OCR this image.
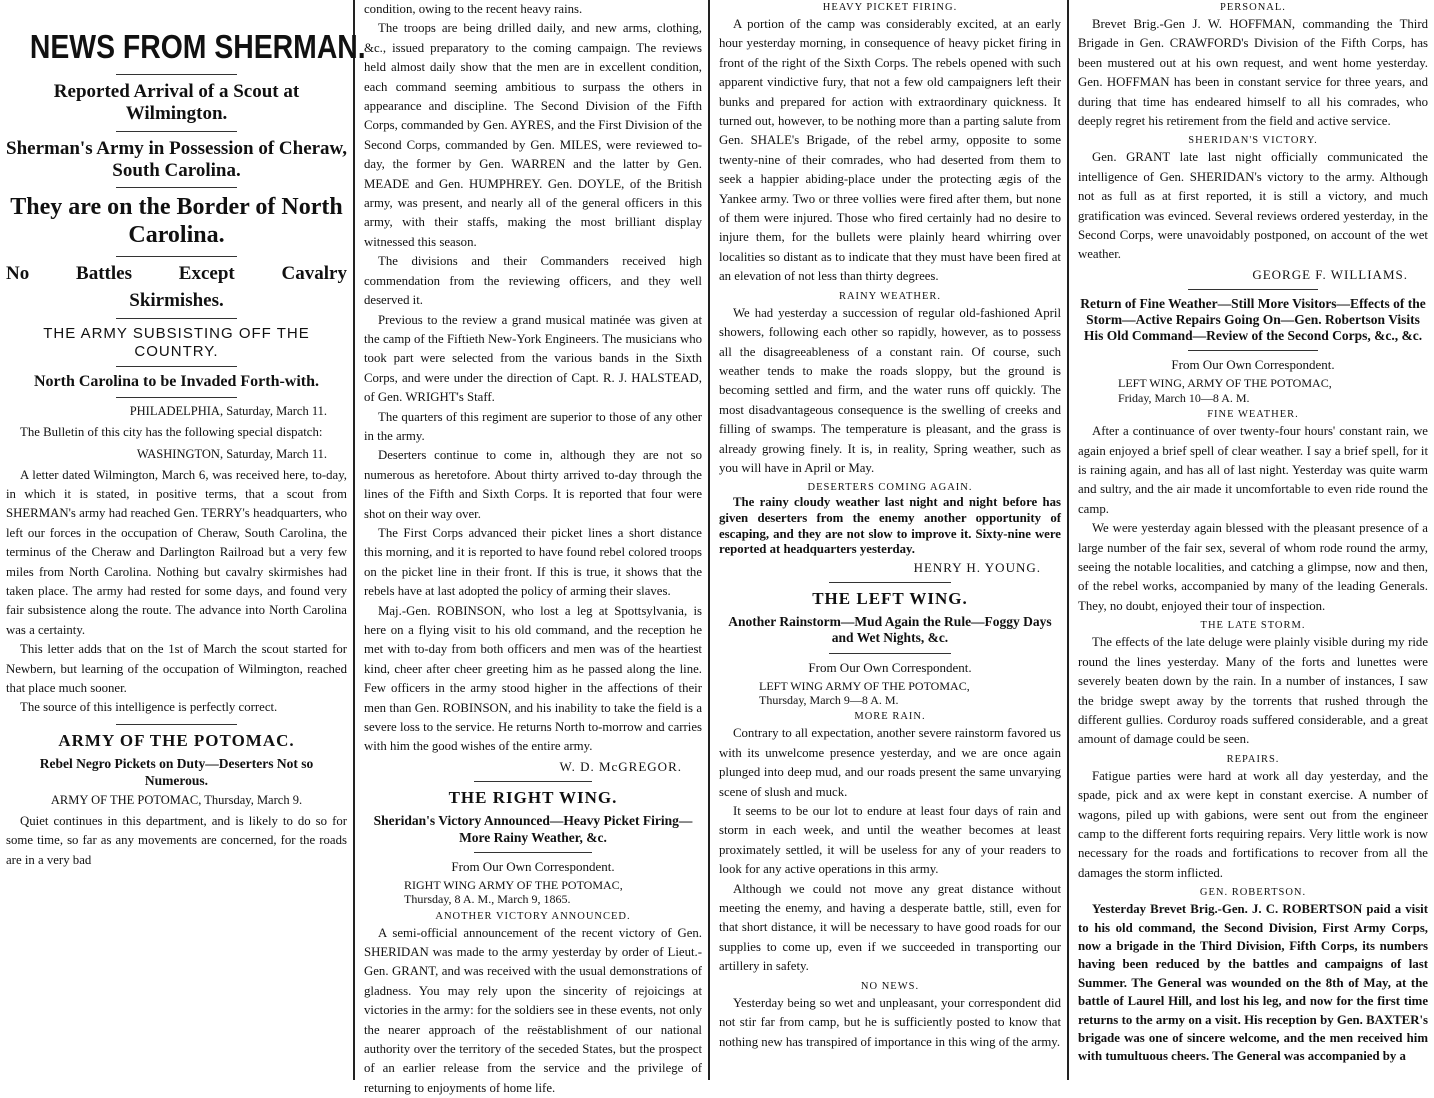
NEWS FROM SHERMAN.
Reported Arrival of a Scout at Wilmington.
Sherman's Army in Possession of Cheraw, South Carolina.
They are on the Border of North Carolina.
No Battles Except Cavalry
Skirmishes.
THE ARMY SUBSISTING OFF THE COUNTRY.
North Carolina to be Invaded Forth-with.
PHILADELPHIA, Saturday, March 11.

The Bulletin of this city has the following special dispatch:

WASHINGTON, Saturday, March 11.

A letter dated Wilmington, March 6, was received here, to-day, in which it is stated, in positive terms, that a scout from SHERMAN's army had reached Gen. TERRY's headquarters, who left our forces in the occupation of Cheraw, South Carolina, the terminus of the Cheraw and Darlington Railroad but a very few miles from North Carolina. Nothing but cavalry skirmishes had taken place. The army had rested for some days, and found very fair subsistence along the route. The advance into North Carolina was a certainty.

This letter adds that on the 1st of March the scout started for Newbern, but learning of the occupation of Wilmington, reached that place much sooner.

The source of this intelligence is perfectly correct.

ARMY OF THE POTOMAC.
Rebel Negro Pickets on Duty—Deserters Not so Numerous.
ARMY OF THE POTOMAC, Thursday, March 9.

Quiet continues in this department, and is likely to do so for some time, so far as any movements are concerned, for the roads are in a very bad

condition, owing to the recent heavy rains.

The troops are being drilled daily, and new arms, clothing, &c., issued preparatory to the coming campaign. The reviews held almost daily show that the men are in excellent condition, each command seeming ambitious to surpass the others in appearance and discipline. The Second Division of the Fifth Corps, commanded by Gen. AYRES, and the First Division of the Second Corps, commanded by Gen. MILES, were reviewed to-day, the former by Gen. WARREN and the latter by Gen. MEADE and Gen. HUMPHREY. Gen. DOYLE, of the British army, was present, and nearly all of the general officers in this army, with their staffs, making the most brilliant display witnessed this season.

The divisions and their Commanders received high commendation from the reviewing officers, and they well deserved it.

Previous to the review a grand musical matinée was given at the camp of the Fiftieth New-York Engineers. The musicians who took part were selected from the various bands in the Sixth Corps, and were under the direction of Capt. R. J. HALSTEAD, of Gen. WRIGHT's Staff.

The quarters of this regiment are superior to those of any other in the army.

Deserters continue to come in, although they are not so numerous as heretofore. About thirty arrived to-day through the lines of the Fifth and Sixth Corps. It is reported that four were shot on their way over.

The First Corps advanced their picket lines a short distance this morning, and it is reported to have found rebel colored troops on the picket line in their front. If this is true, it shows that the rebels have at last adopted the policy of arming their slaves.

Maj.-Gen. ROBINSON, who lost a leg at Spottsylvania, is here on a flying visit to his old command, and the reception he met with to-day from both officers and men was of the heartiest kind, cheer after cheer greeting him as he passed along the line. Few officers in the army stood higher in the affections of their men than Gen. ROBINSON, and his inability to take the field is a severe loss to the service. He returns North to-morrow and carries with him the good wishes of the entire army.

W. D. McGREGOR.
THE RIGHT WING.
Sheridan's Victory Announced—Heavy Picket Firing—More Rainy Weather, &c.
From Our Own Correspondent.
RIGHT WING ARMY OF THE POTOMAC,
Thursday, 8 A. M., March 9, 1865.
ANOTHER VICTORY ANNOUNCED.

A semi-official announcement of the recent victory of Gen. SHERIDAN was made to the army yesterday by order of Lieut.-Gen. GRANT, and was received with the usual demonstrations of gladness. You may rely upon the sincerity of rejoicings at victories in the army: for the soldiers see in these events, not only the nearer approach of the reëstablishment of our national authority over the territory of the seceded States, but the prospect of an earlier release from the service and the privilege of returning to enjoyments of home life.

HEAVY PICKET FIRING.

A portion of the camp was considerably excited, at an early hour yesterday morning, in consequence of heavy picket firing in front of the right of the Sixth Corps. The rebels opened with such apparent vindictive fury, that not a few old campaigners left their bunks and prepared for action with extraordinary quickness. It turned out, however, to be nothing more than a parting salute from Gen. SHALE's Brigade, of the rebel army, opposite to some twenty-nine of their comrades, who had deserted from them to seek a happier abiding-place under the protecting ægis of the Yankee army. Two or three vollies were fired after them, but none of them were injured. Those who fired certainly had no desire to injure them, for the bullets were plainly heard whirring over localities so distant as to indicate that they must have been fired at an elevation of not less than thirty degrees.

RAINY WEATHER.

We had yesterday a succession of regular old-fashioned April showers, following each other so rapidly, however, as to possess all the disagreeableness of a constant rain. Of course, such weather tends to make the roads sloppy, but the ground is becoming settled and firm, and the water runs off quickly. The most disadvantageous consequence is the swelling of creeks and filling of swamps. The temperature is pleasant, and the grass is already growing finely. It is, in reality, Spring weather, such as you will have in April or May.

DESERTERS COMING AGAIN.

The rainy cloudy weather last night and night before has given deserters from the enemy another opportunity of escaping, and they are not slow to improve it. Sixty-nine were reported at headquarters yesterday.

HENRY H. YOUNG.
THE LEFT WING.
Another Rainstorm—Mud Again the Rule—Foggy Days and Wet Nights, &c.
From Our Own Correspondent.
LEFT WING ARMY OF THE POTOMAC,
Thursday, March 9—8 A. M.
MORE RAIN.

Contrary to all expectation, another severe rainstorm favored us with its unwelcome presence yesterday, and we are once again plunged into deep mud, and our roads present the same unvarying scene of slush and muck.

It seems to be our lot to endure at least four days of rain and storm in each week, and until the weather becomes at least proximately settled, it will be useless for any of your readers to look for any active operations in this army.

Although we could not move any great distance without meeting the enemy, and having a desperate battle, still, even for that short distance, it will be necessary to have good roads for our supplies to come up, even if we succeeded in transporting our artillery in safety.

NO NEWS.

Yesterday being so wet and unpleasant, your correspondent did not stir far from camp, but he is sufficiently posted to know that nothing new has transpired of importance in this wing of the army.

PERSONAL.

Brevet Brig.-Gen J. W. HOFFMAN, commanding the Third Brigade in Gen. CRAWFORD's Division of the Fifth Corps, has been mustered out at his own request, and went home yesterday. Gen. HOFFMAN has been in constant service for three years, and during that time has endeared himself to all his comrades, who deeply regret his retirement from the field and active service.

SHERIDAN'S VICTORY.

Gen. GRANT late last night officially communicated the intelligence of Gen. SHERIDAN's victory to the army. Although not as full as at first reported, it is still a victory, and much gratification was evinced. Several reviews ordered yesterday, in the Second Corps, were unavoidably postponed, on account of the wet weather.

GEORGE F. WILLIAMS.
Return of Fine Weather—Still More Visitors—Effects of the Storm—Active Repairs Going On—Gen. Robertson Visits His Old Command—Review of the Second Corps, &c., &c.
From Our Own Correspondent.
LEFT WING, ARMY OF THE POTOMAC,
Friday, March 10—8 A. M.
FINE WEATHER.

After a continuance of over twenty-four hours' constant rain, we again enjoyed a brief spell of clear weather. I say a brief spell, for it is raining again, and has all of last night. Yesterday was quite warm and sultry, and the air made it uncomfortable to even ride round the camp.

We were yesterday again blessed with the pleasant presence of a large number of the fair sex, several of whom rode round the army, seeing the notable localities, and catching a glimpse, now and then, of the rebel works, accompanied by many of the leading Generals. They, no doubt, enjoyed their tour of inspection.

THE LATE STORM.

The effects of the late deluge were plainly visible during my ride round the lines yesterday. Many of the forts and lunettes were severely beaten down by the rain. In a number of instances, I saw the bridge swept away by the torrents that rushed through the different gullies. Corduroy roads suffered considerable, and a great amount of damage could be seen.

REPAIRS.

Fatigue parties were hard at work all day yesterday, and the spade, pick and ax were kept in constant exercise. A number of wagons, piled up with gabions, were sent out from the engineer camp to the different forts requiring repairs. Very little work is now necessary for the roads and fortifications to recover from all the damages the storm inflicted.

GEN. ROBERTSON.

Yesterday Brevet Brig.-Gen. J. C. ROBERTSON paid a visit to his old command, the Second Division, First Army Corps, now a brigade in the Third Division, Fifth Corps, its numbers having been reduced by the battles and campaigns of last Summer. The General was wounded on the 8th of May, at the battle of Laurel Hill, and lost his leg, and now for the first time returns to the army on a visit. His reception by Gen. BAXTER's brigade was one of sincere welcome, and the men received him with tumultuous cheers. The General was accompanied by a
